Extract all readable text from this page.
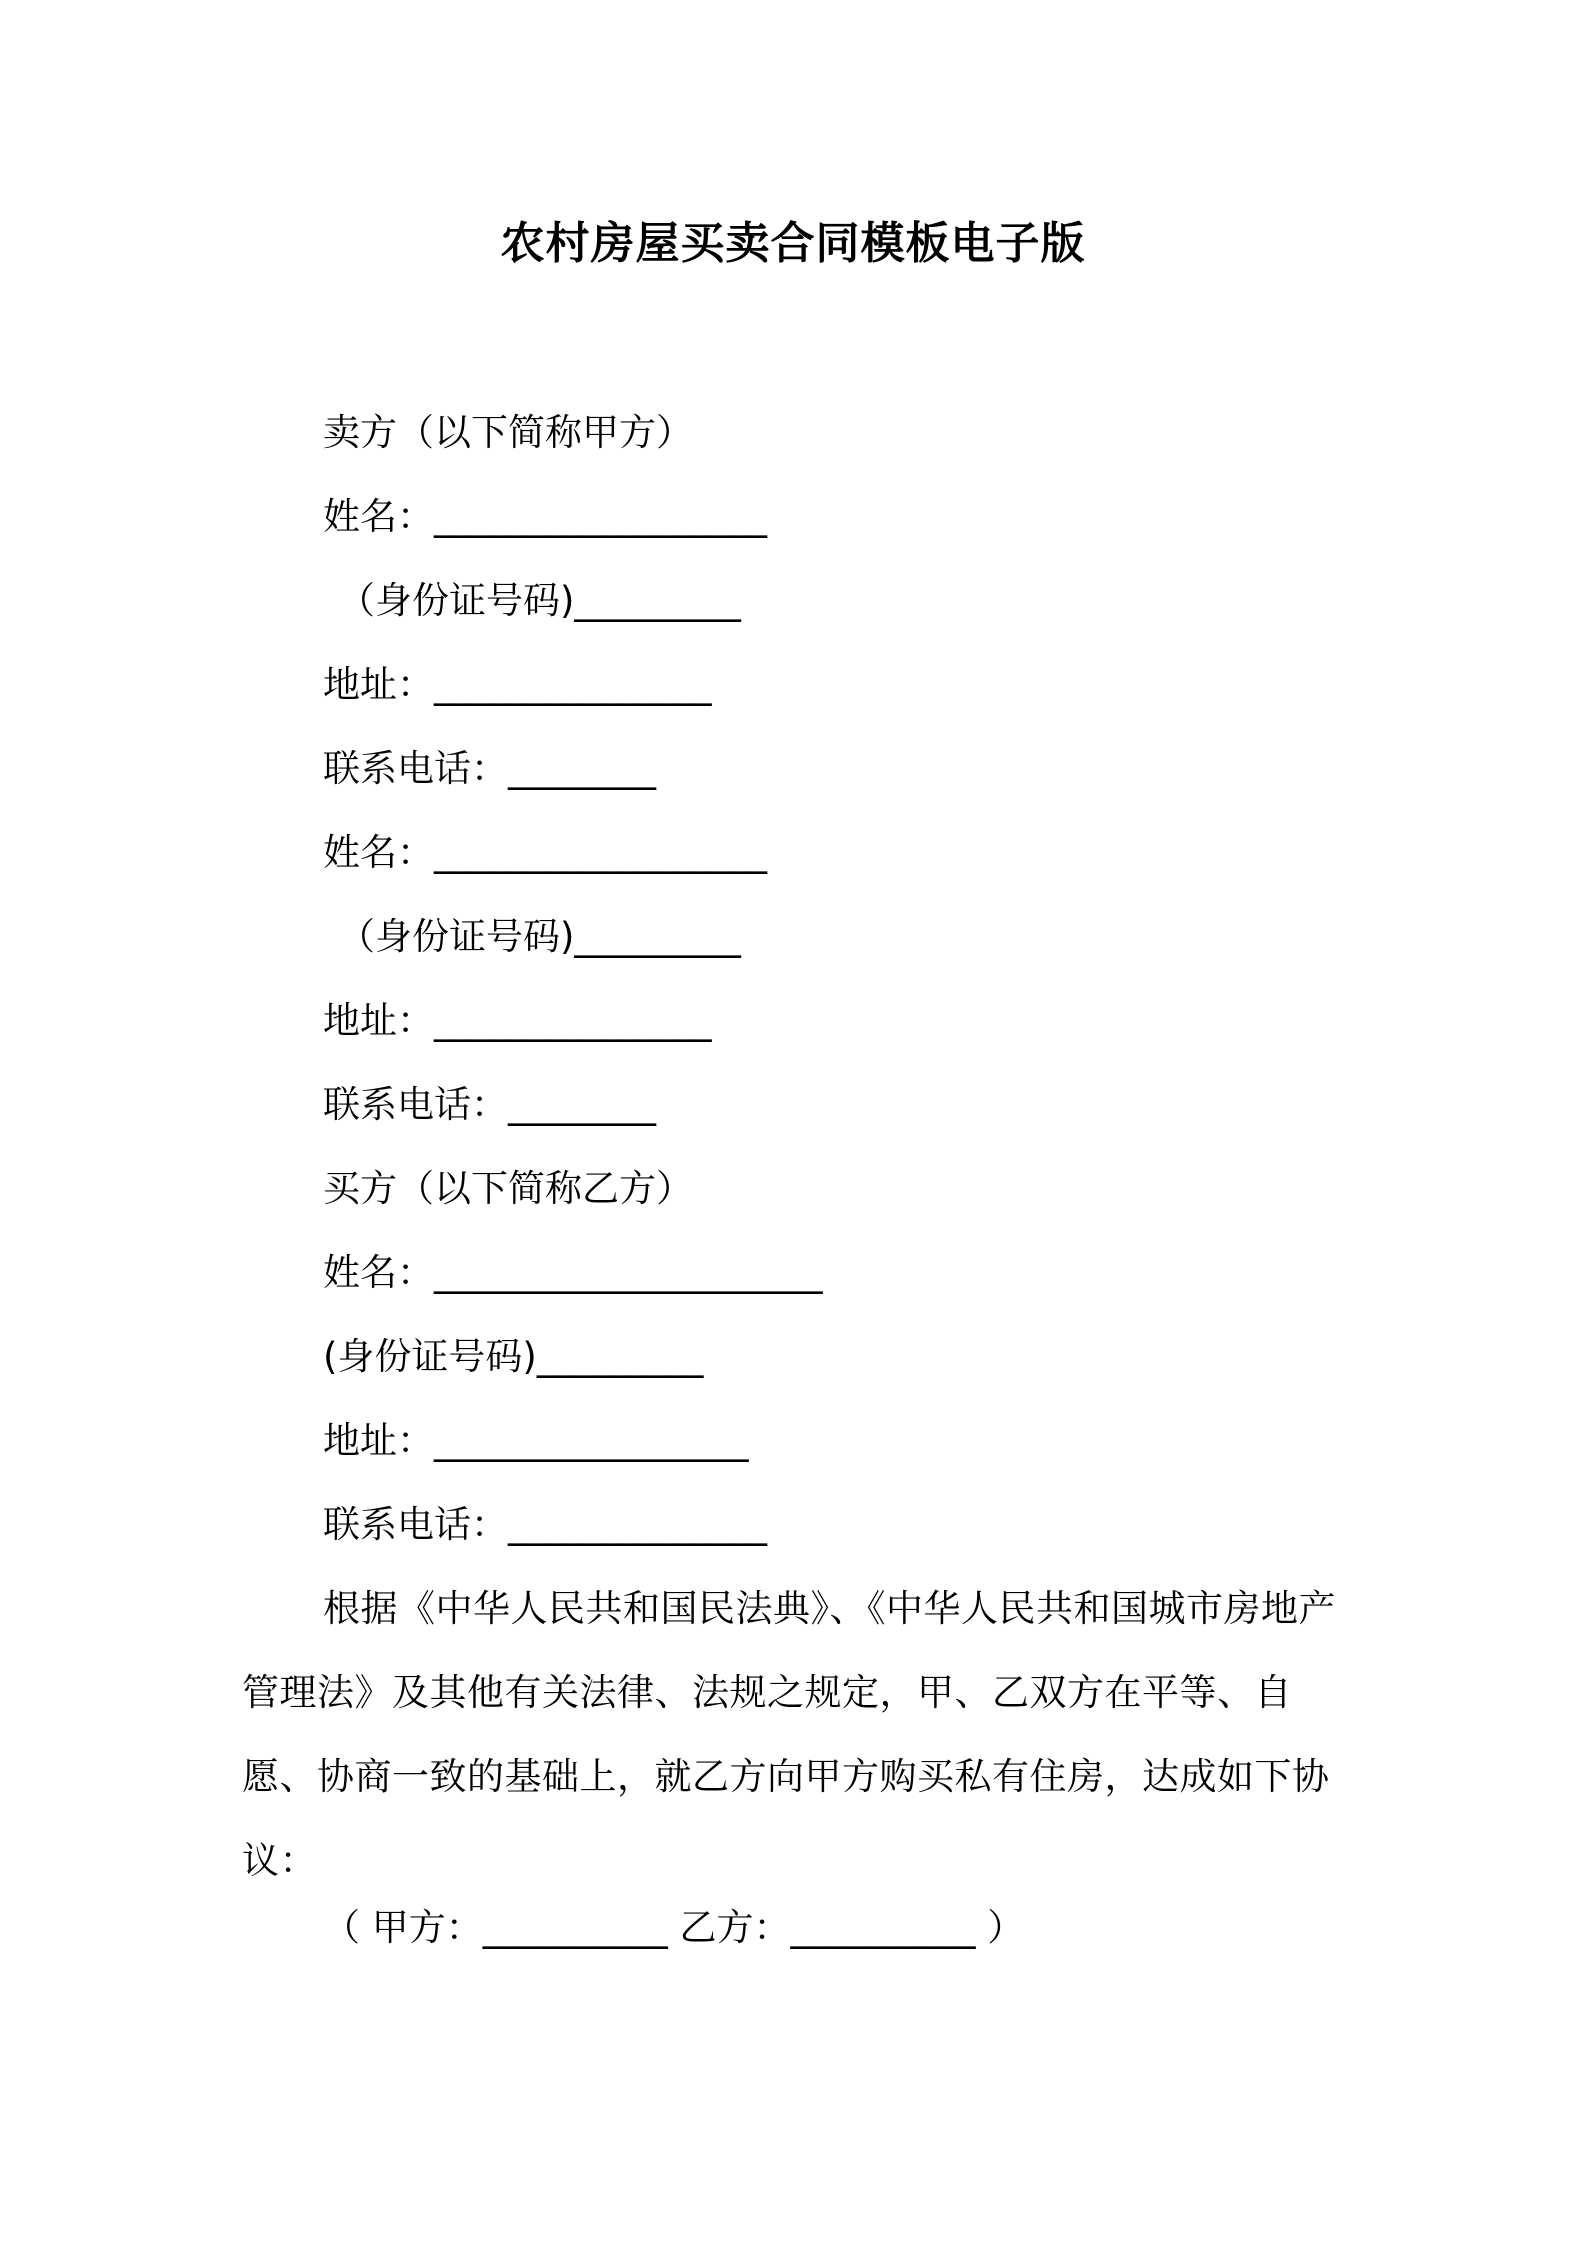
农村房屋买卖合同模板电子版
卖方（以下简称甲方）
姓名：__________________
（身份证号码)_________
地址：_______________
联系电话：________
姓名：__________________
（身份证号码)_________
地址：_______________
联系电话：________
买方（以下简称乙方）
姓名：_____________________
(身份证号码)_________
地址：_________________
联系电话：______________

根据《中华人民共和国民法典》、《中华人民共和国城市房地产管理法》及其他有关法律、法规之规定，甲、乙双方在平等、自愿、协商一致的基础上，就乙方向甲方购买私有住房，达成如下协议：

（ 甲方：__________ 乙方：__________ ）
